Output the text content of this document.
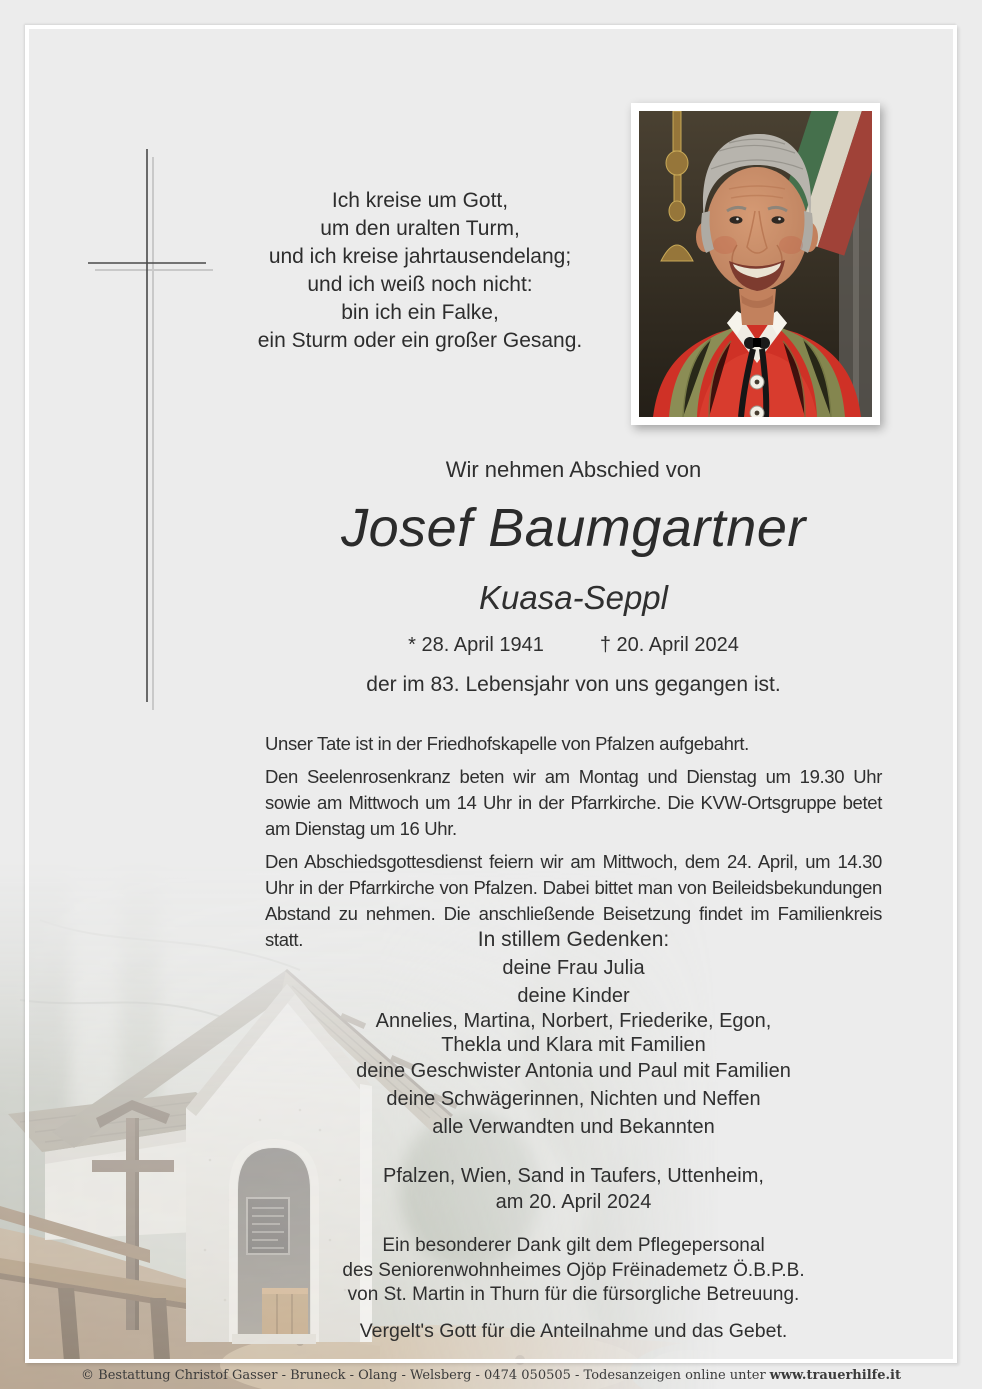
Ich kreise um Gott,
um den uralten Turm,
und ich kreise jahrtausendelang;
und ich weiß noch nicht:
bin ich ein Falke,
ein Sturm oder ein großer Gesang.
Wir nehmen Abschied von
Josef Baumgartner
Kuasa-Seppl
* 28. April 1941	† 20. April 2024
der im 83. Lebensjahr von uns gegangen ist.

Unser Tate ist in der Friedhofskapelle von Pfalzen aufgebahrt.

Den Seelenrosenkranz beten wir am Montag und Dienstag um 19.30 Uhr sowie am Mittwoch um 14 Uhr in der Pfarrkirche. Die KVW-Ortsgruppe betet am Dienstag um 16 Uhr.

Den Abschiedsgottesdienst feiern wir am Mittwoch, dem 24. April, um 14.30 Uhr in der Pfarrkirche von Pfalzen. Dabei bittet man von Beileidsbekundungen Abstand zu nehmen. Die anschließende Beisetzung findet im Familienkreis statt.	In stillem Gedenken:
deine Frau Julia
deine Kinder
Annelies, Martina, Norbert, Friederike, Egon,
Thekla und Klara mit Familien
deine Geschwister Antonia und Paul mit Familien
deine Schwägerinnen, Nichten und Neffen
alle Verwandten und Bekannten
Pfalzen, Wien, Sand in Taufers, Uttenheim,
am 20. April 2024
Ein besonderer Dank gilt dem Pflegepersonal
des Seniorenwohnheimes Ojöp Frëinademetz Ö.B.P.B.
von St. Martin in Thurn für die fürsorgliche Betreuung.
Vergelt's Gott für die Anteilnahme und das Gebet.
© Bestattung Christof Gasser - Bruneck - Olang - Welsberg - 0474 050505 - Todesanzeigen online unter www.trauerhilfe.it
